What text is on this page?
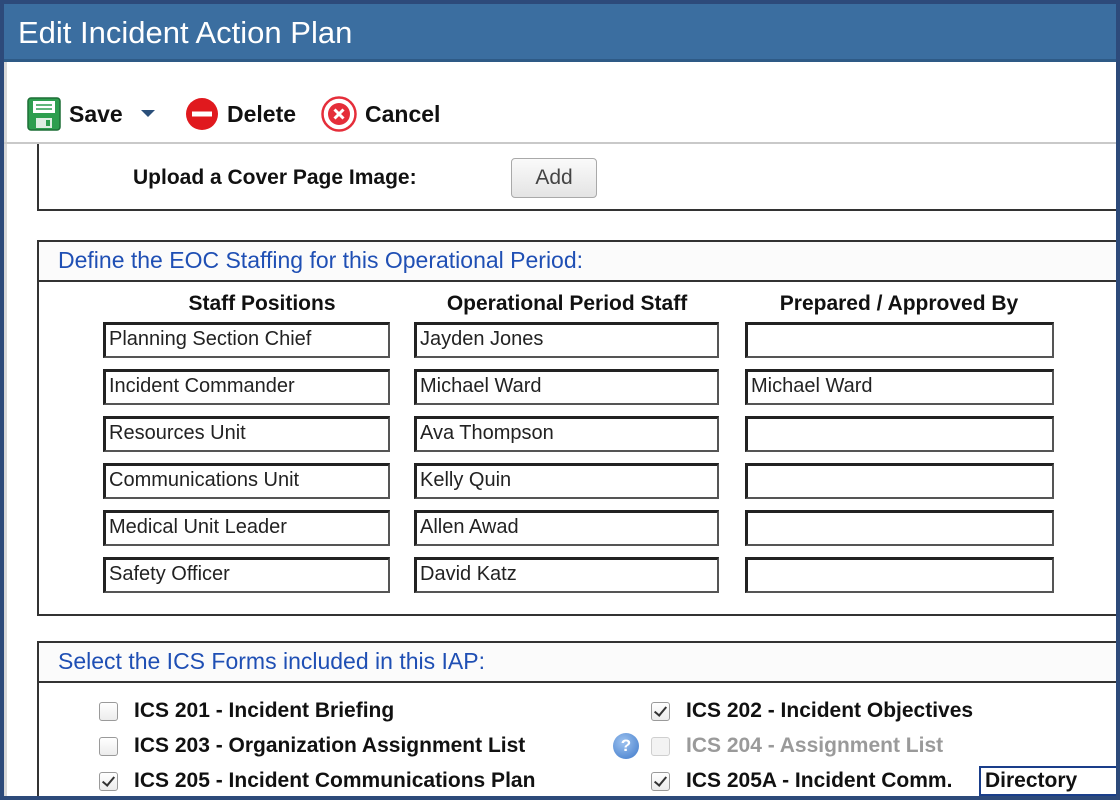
Edit Incident Action Plan
Save	Delete	Cancel
Upload a Cover Page Image:	Add
Define the EOC Staffing for this Operational Period:
Staff Positions	Operational Period Staff	Prepared / Approved By
Planning Section Chief	Jayden Jones
Incident Commander	Michael Ward	Michael Ward
Resources Unit	Ava Thompson
Communications Unit	Kelly Quin
Medical Unit Leader	Allen Awad
Safety Officer	David Katz
Select the ICS Forms included in this IAP:
ICS 201 - Incident Briefing	ICS 202 - Incident Objectives
ICS 203 - Organization Assignment List	?	ICS 204 - Assignment List
ICS 205 - Incident Communications Plan	ICS 205A - Incident Comm. Directory
